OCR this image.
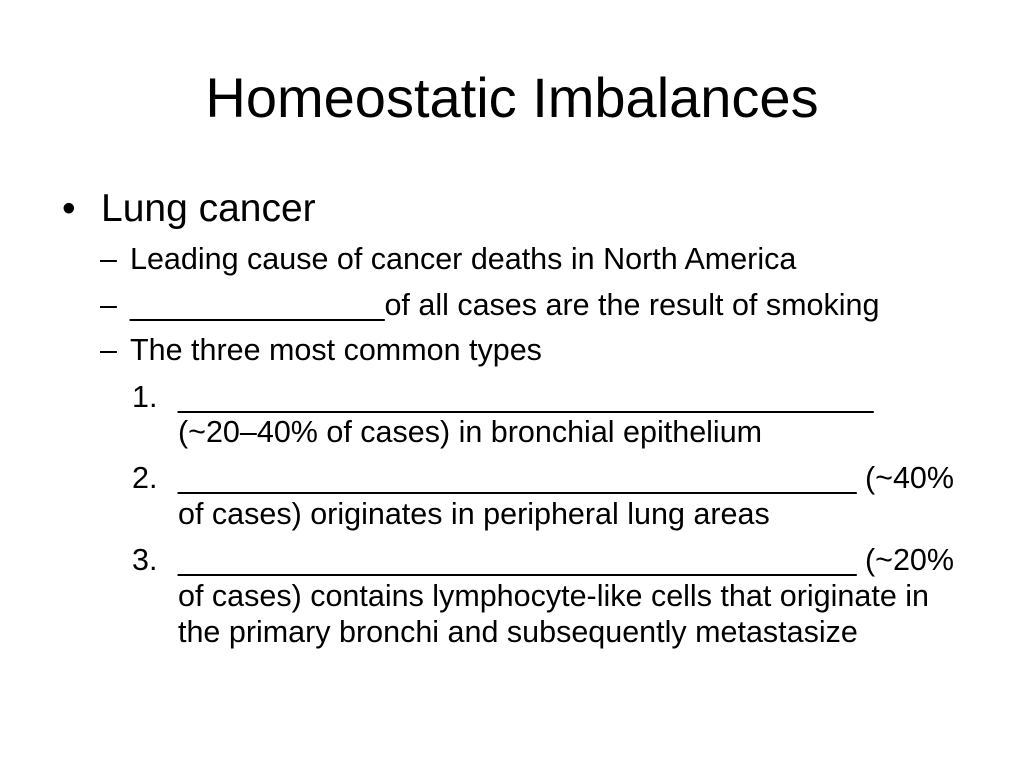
Homeostatic Imbalances
• Lung cancer
– Leading cause of cancer deaths in North America
– _______________of all cases are the result of smoking
– The three most common types
1. _________________________________________
(~20–40% of cases) in bronchial epithelium
2. ________________________________________ (~40%
of cases) originates in peripheral lung areas
3. ________________________________________ (~20%
of cases) contains lymphocyte-like cells that originate in
the primary bronchi and subsequently metastasize
